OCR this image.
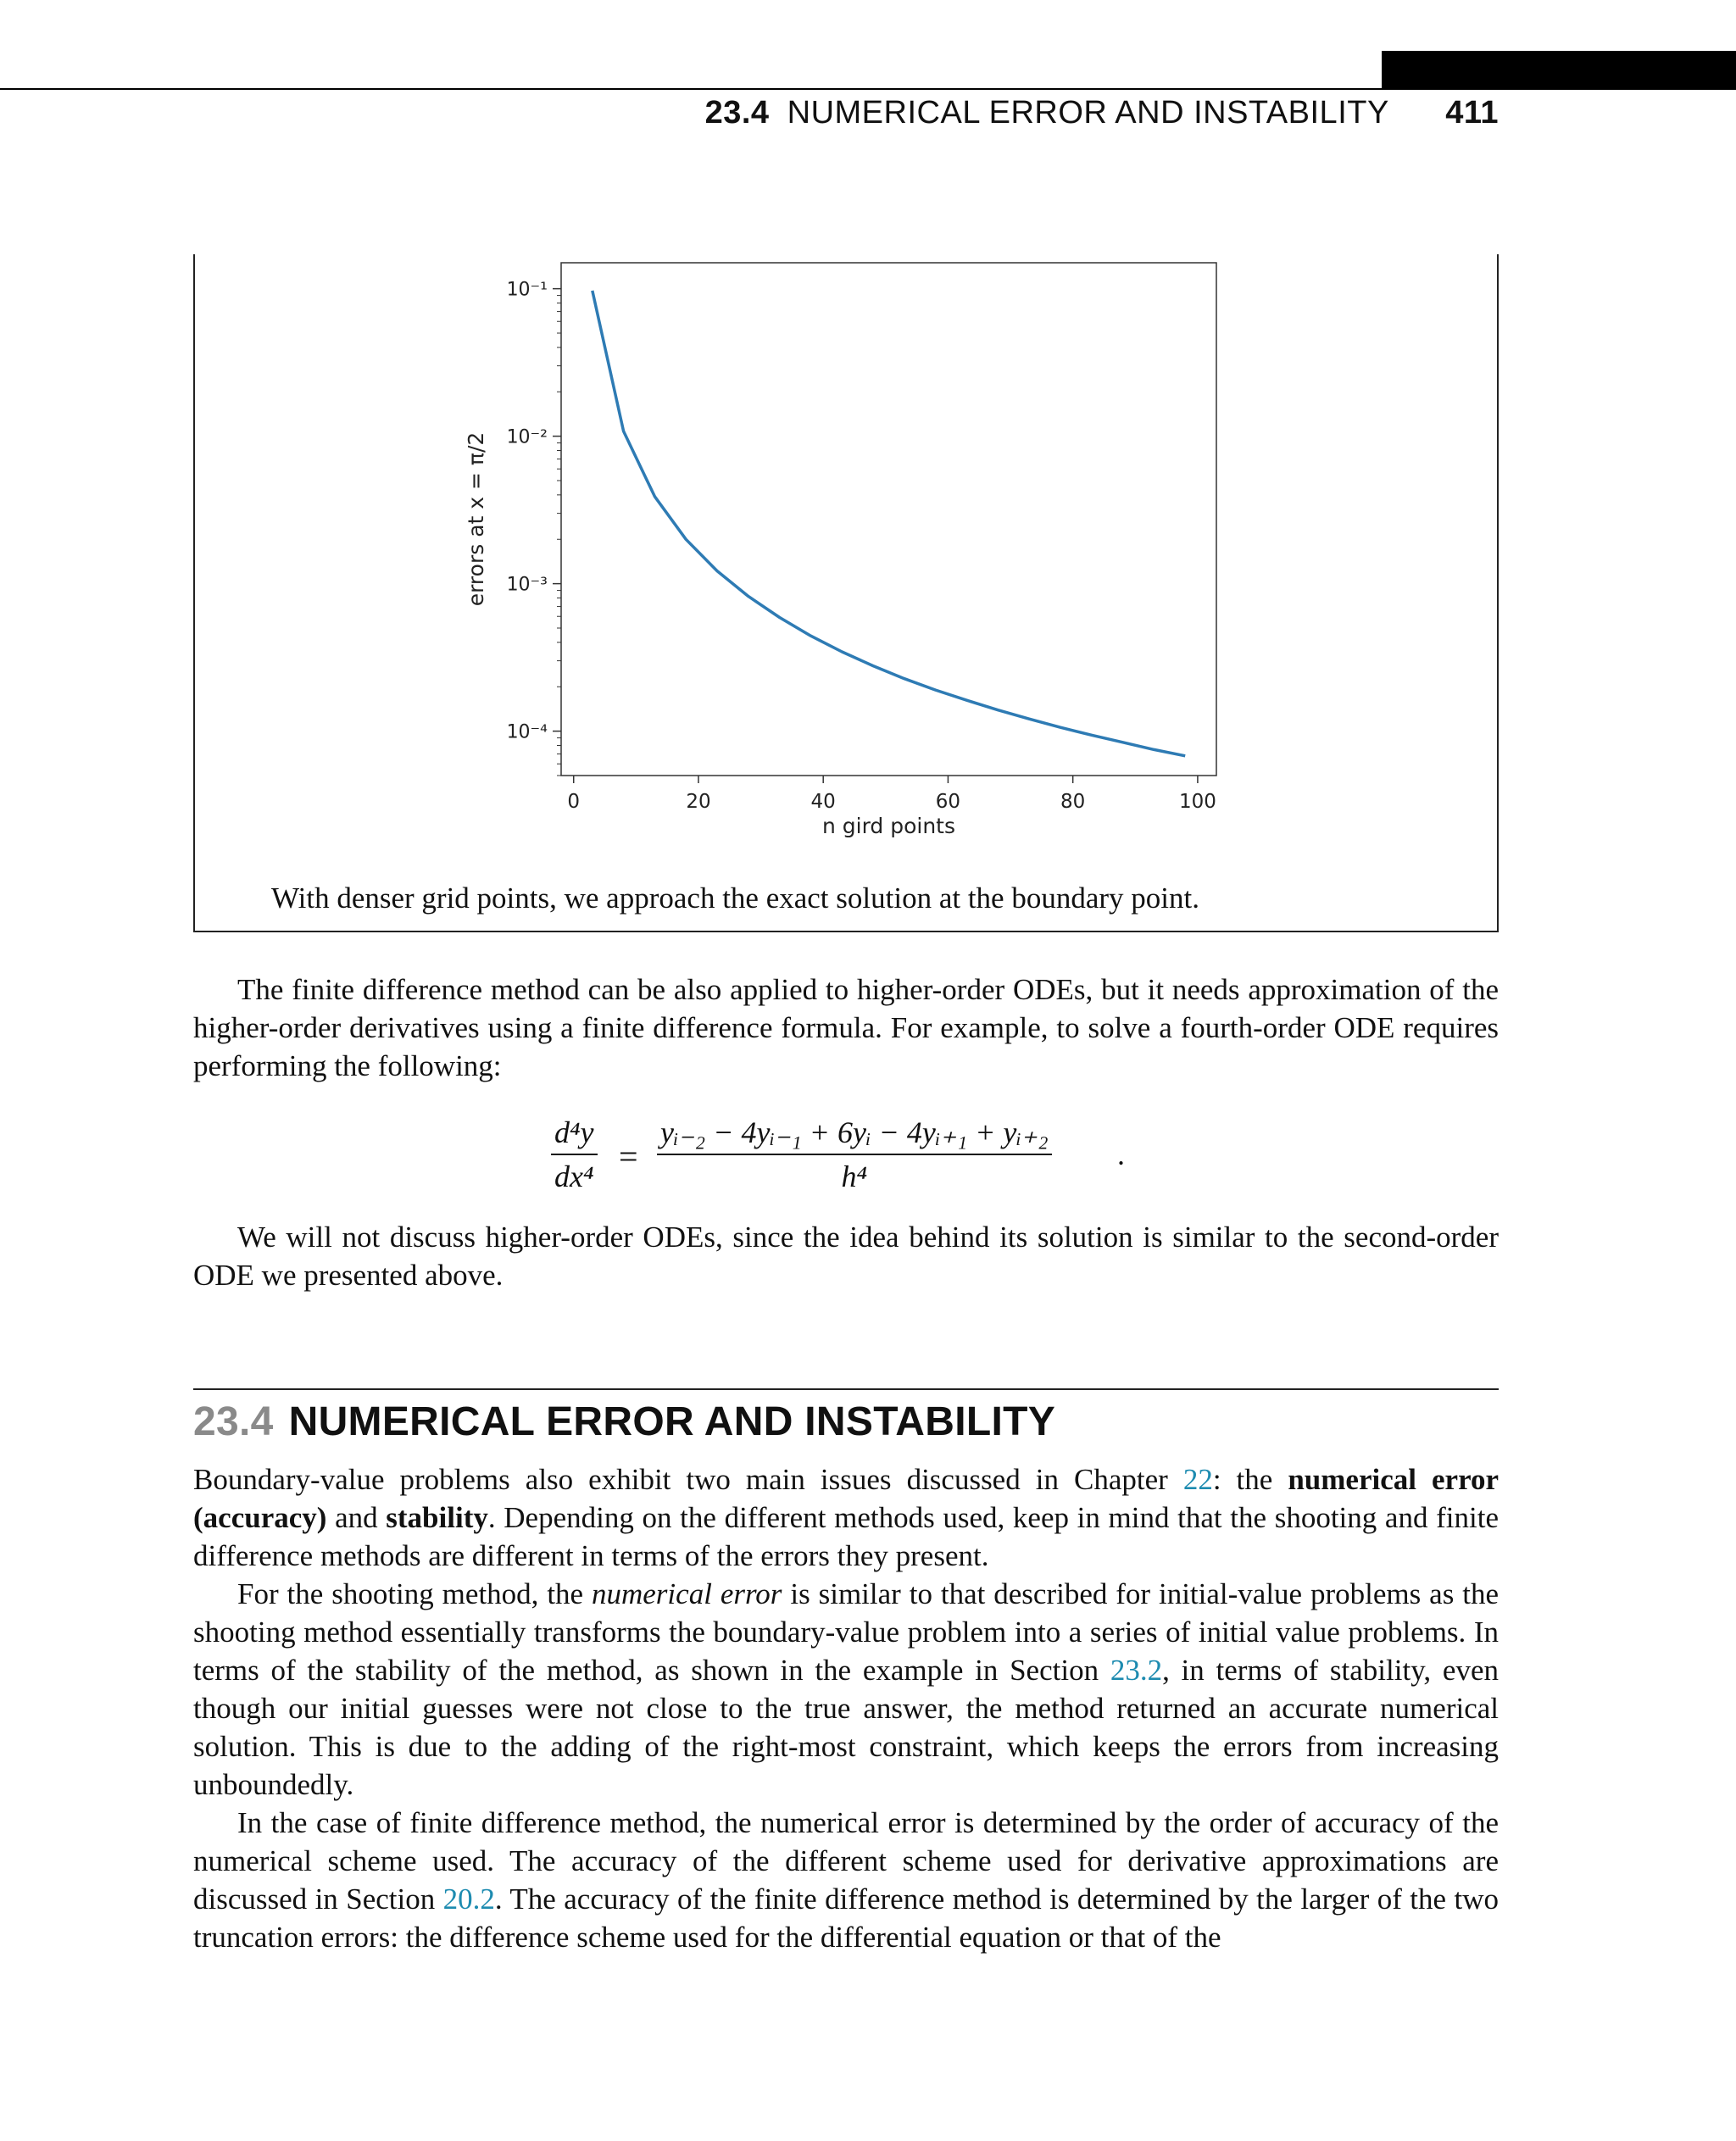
23.4 NUMERICAL ERROR AND INSTABILITY 411
0	20	40	60	80	100
10⁻¹
10⁻²
10⁻³
10⁻⁴
n gird points
errors at x = π/2
With denser grid points, we approach the exact solution at the boundary point.

The finite difference method can be also applied to higher-order ODEs, but it needs approximation of the higher-order derivatives using a finite difference formula. For example, to solve a fourth-order ODE requires performing the following:

$\frac{\text{d⁴y}}{\text{dx⁴}} = \frac{\text{yᵢ₋₂ − 4yᵢ₋₁ + 6yᵢ − 4yᵢ₊₁ + yᵢ₊₂}}{\text{h⁴}}$ .

We will not discuss higher-order ODEs, since the idea behind its solution is similar to the second-order ODE we presented above.

23.4 NUMERICAL ERROR AND INSTABILITY

Boundary-value problems also exhibit two main issues discussed in Chapter 22: the numerical error (accuracy) and stability. Depending on the different methods used, keep in mind that the shooting and finite difference methods are different in terms of the errors they present.

For the shooting method, the numerical error is similar to that described for initial-value problems as the shooting method essentially transforms the boundary-value problem into a series of initial value problems. In terms of the stability of the method, as shown in the example in Section 23.2, in terms of stability, even though our initial guesses were not close to the true answer, the method returned an accurate numerical solution. This is due to the adding of the right-most constraint, which keeps the errors from increasing unboundedly.

In the case of finite difference method, the numerical error is determined by the order of accuracy of the numerical scheme used. The accuracy of the different scheme used for derivative approximations are discussed in Section 20.2. The accuracy of the finite difference method is determined by the larger of the two truncation errors: the difference scheme used for the differential equation or that of the
